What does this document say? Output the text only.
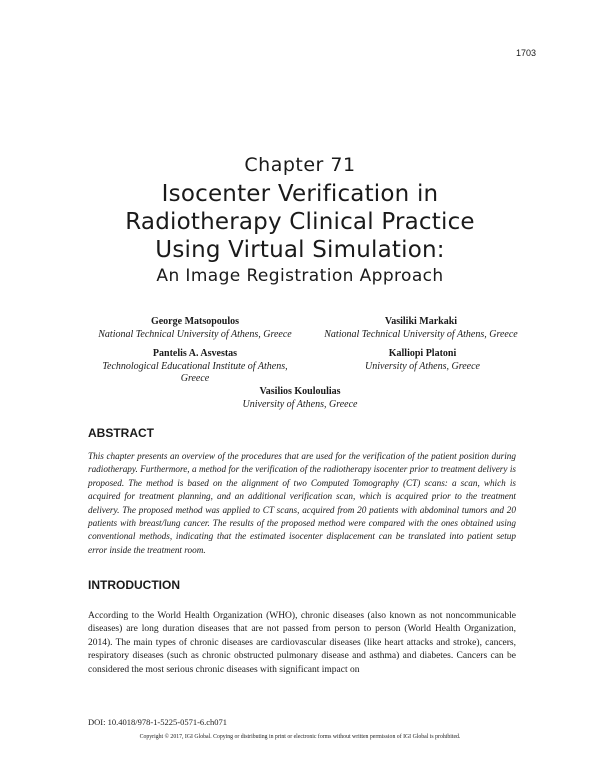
1703
Chapter 71
Isocenter Verification in
Radiotherapy Clinical Practice
Using Virtual Simulation:
An Image Registration Approach
George Matsopoulos
National Technical University of Athens, Greece
Vasiliki Markaki
National Technical University of Athens, Greece
Pantelis A. Asvestas
Technological Educational Institute of Athens, Greece
Kalliopi Platoni
University of Athens, Greece
Vasilios Kouloulias
University of Athens, Greece
ABSTRACT
This chapter presents an overview of the procedures that are used for the verification of the patient position during radiotherapy. Furthermore, a method for the verification of the radiotherapy isocenter prior to treatment delivery is proposed. The method is based on the alignment of two Computed Tomography (CT) scans: a scan, which is acquired for treatment planning, and an additional verification scan, which is acquired prior to the treatment delivery. The proposed method was applied to CT scans, acquired from 20 patients with abdominal tumors and 20 patients with breast/lung cancer. The results of the proposed method were compared with the ones obtained using conventional methods, indicating that the estimated isocenter displacement can be translated into patient setup error inside the treatment room.
INTRODUCTION
According to the World Health Organization (WHO), chronic diseases (also known as not noncommunicable diseases) are long duration diseases that are not passed from person to person (World Health Organization, 2014). The main types of chronic diseases are cardiovascular diseases (like heart attacks and stroke), cancers, respiratory diseases (such as chronic obstructed pulmonary disease and asthma) and diabetes. Cancers can be considered the most serious chronic diseases with significant impact on
DOI: 10.4018/978-1-5225-0571-6.ch071
Copyright © 2017, IGI Global. Copying or distributing in print or electronic forms without written permission of IGI Global is prohibited.
